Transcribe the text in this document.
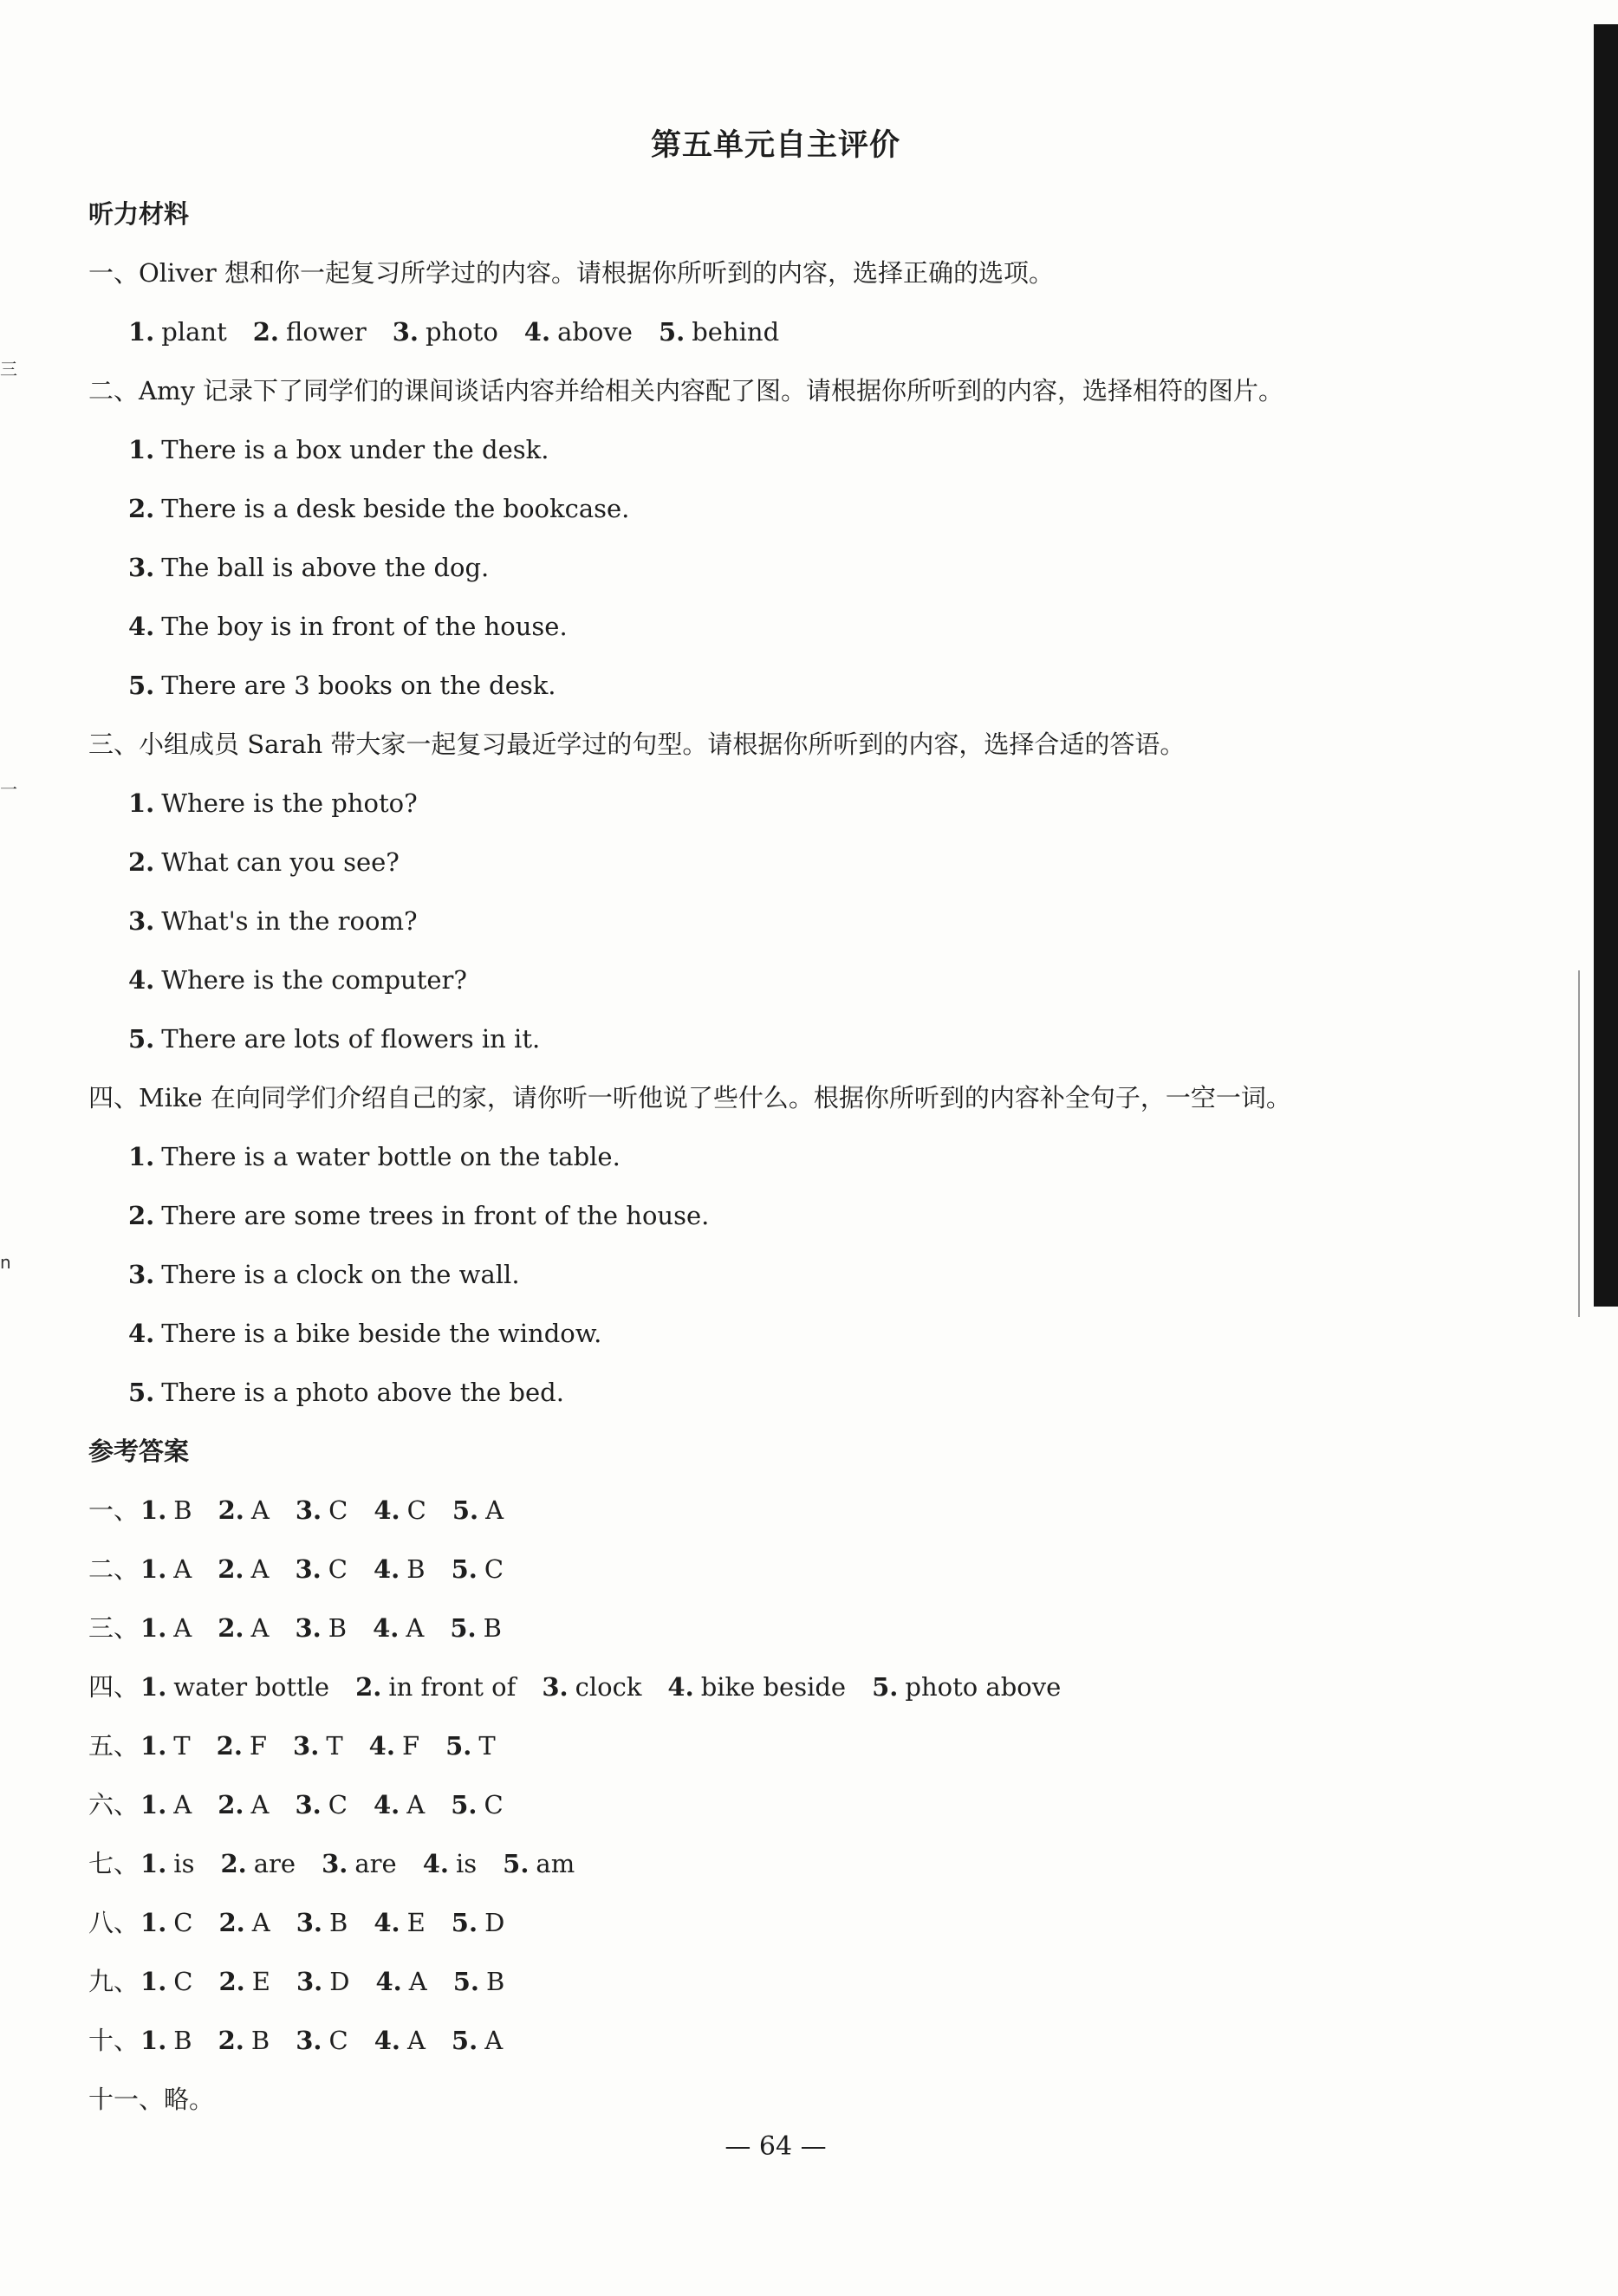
三
一
n
第五单元自主评价
听力材料
一、Oliver 想和你一起复习所学过的内容。请根据你所听到的内容，选择正确的选项。
1. plant 2. flower 3. photo 4. above 5. behind
二、Amy 记录下了同学们的课间谈话内容并给相关内容配了图。请根据你所听到的内容，选择相符的图片。
1. There is a box under the desk.
2. There is a desk beside the bookcase.
3. The ball is above the dog.
4. The boy is in front of the house.
5. There are 3 books on the desk.
三、小组成员 Sarah 带大家一起复习最近学过的句型。请根据你所听到的内容，选择合适的答语。
1. Where is the photo?
2. What can you see?
3. What's in the room?
4. Where is the computer?
5. There are lots of flowers in it.
四、Mike 在向同学们介绍自己的家，请你听一听他说了些什么。根据你所听到的内容补全句子，一空一词。
1. There is a water bottle on the table.
2. There are some trees in front of the house.
3. There is a clock on the wall.
4. There is a bike beside the window.
5. There is a photo above the bed.
参考答案
一、1. B 2. A 3. C 4. C 5. A
二、1. A 2. A 3. C 4. B 5. C
三、1. A 2. A 3. B 4. A 5. B
四、1. water bottle 2. in front of 3. clock 4. bike beside 5. photo above
五、1. T 2. F 3. T 4. F 5. T
六、1. A 2. A 3. C 4. A 5. C
七、1. is 2. are 3. are 4. is 5. am
八、1. C 2. A 3. B 4. E 5. D
九、1. C 2. E 3. D 4. A 5. B
十、1. B 2. B 3. C 4. A 5. A
十一、略。
— 64 —
